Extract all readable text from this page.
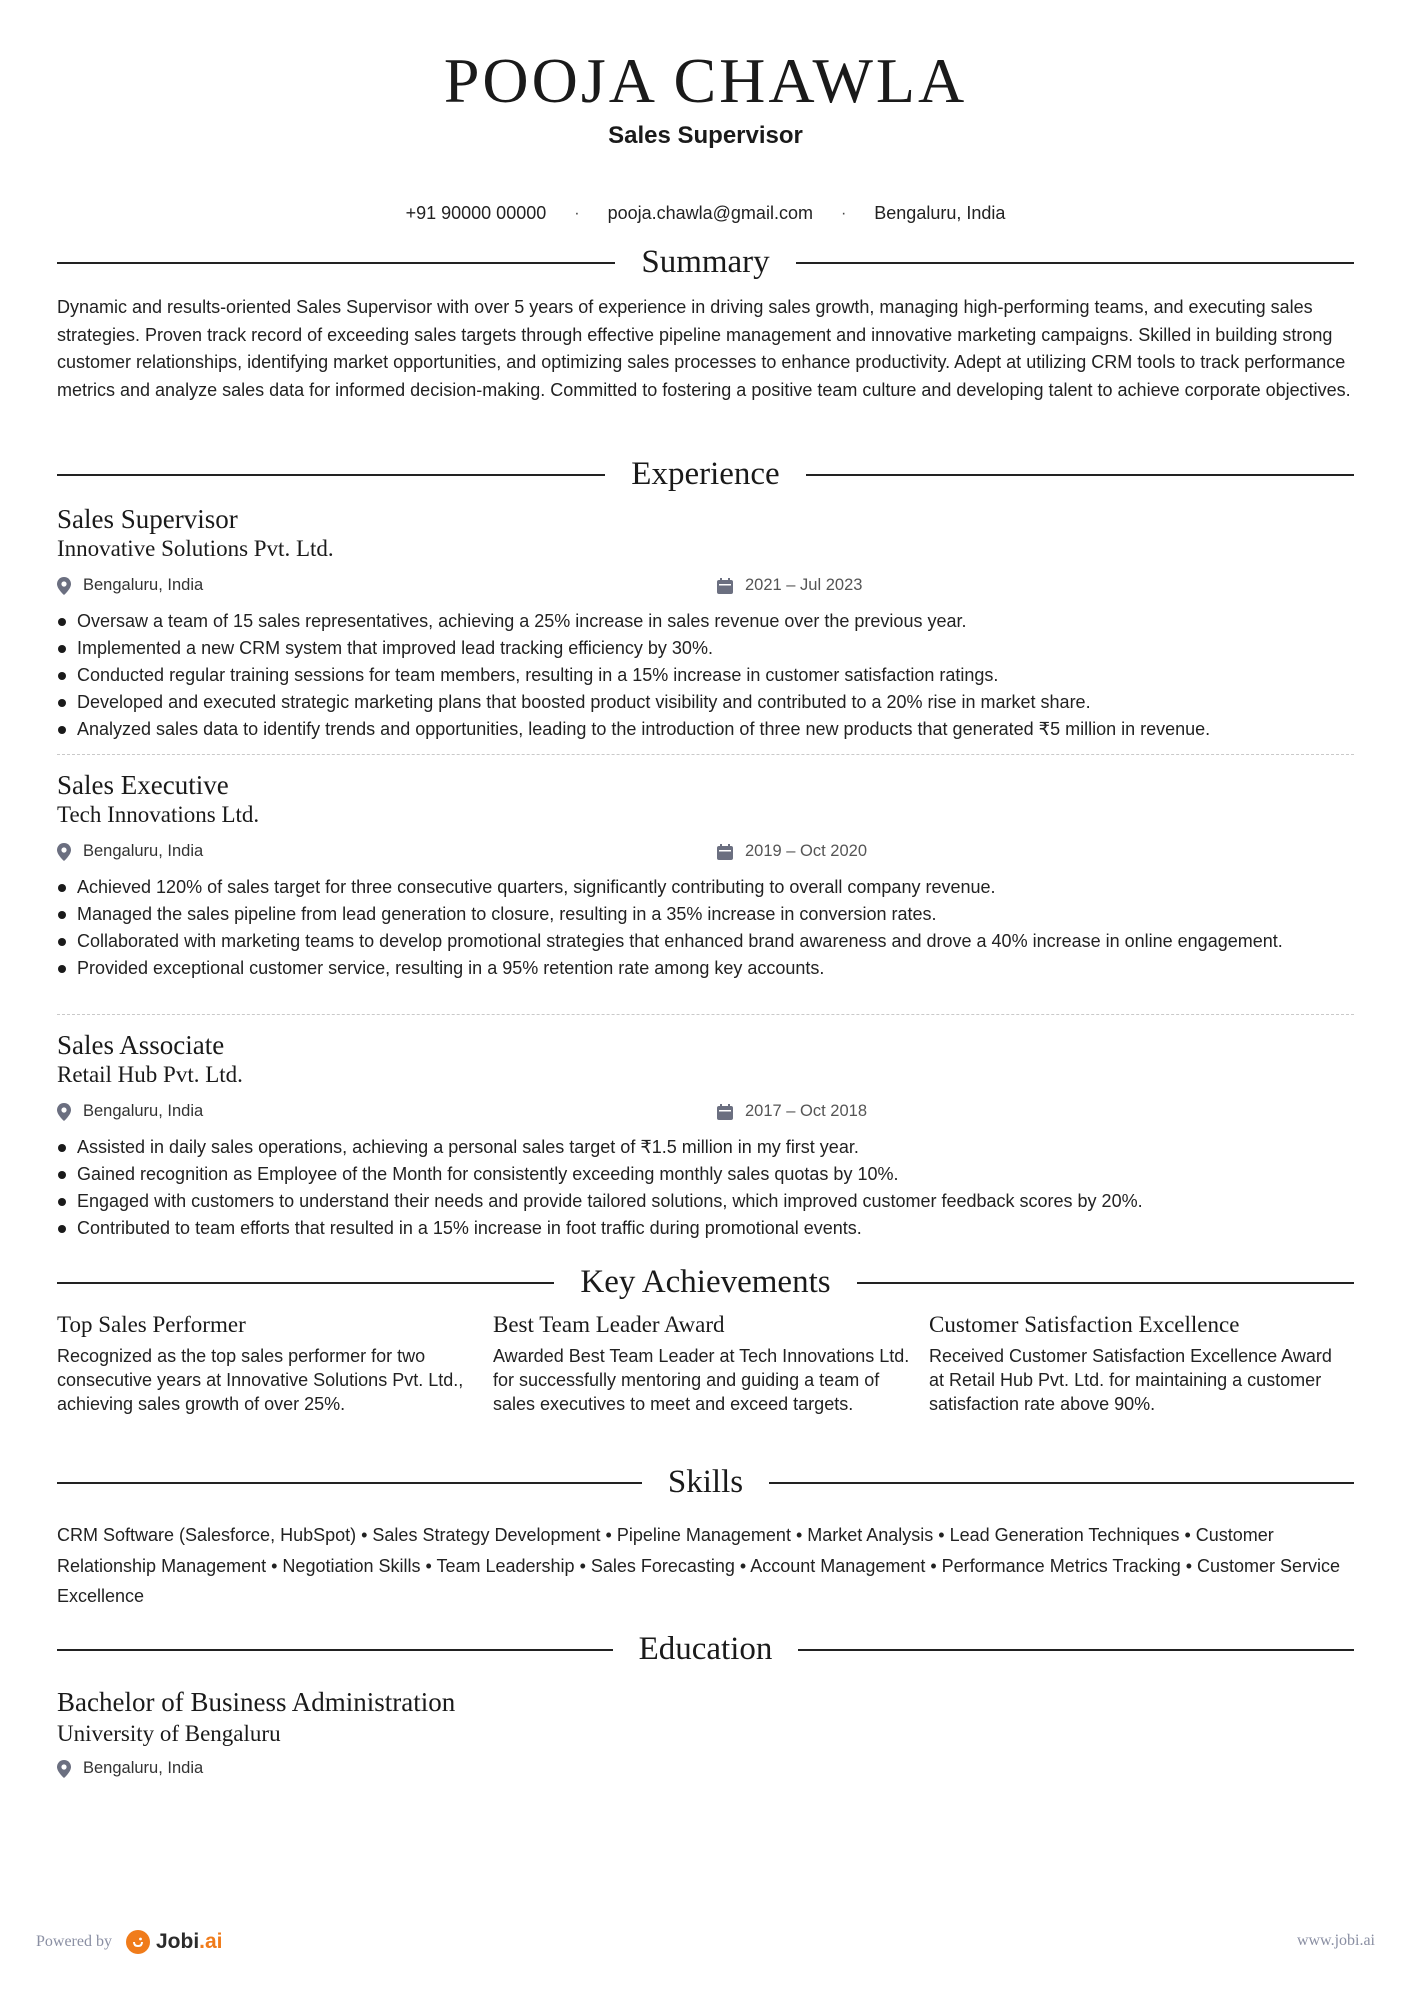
POOJA CHAWLA
Sales Supervisor
+91 90000 00000 · pooja.chawla@gmail.com · Bengaluru, India
Summary

Dynamic and results-oriented Sales Supervisor with over 5 years of experience in driving sales growth, managing high-performing teams, and executing sales strategies. Proven track record of exceeding sales targets through effective pipeline management and innovative marketing campaigns. Skilled in building strong customer relationships, identifying market opportunities, and optimizing sales processes to enhance productivity. Adept at utilizing CRM tools to track performance metrics and analyze sales data for informed decision-making. Committed to fostering a positive team culture and developing talent to achieve corporate objectives.

Experience
Sales Supervisor
Innovative Solutions Pvt. Ltd.
Bengaluru, India	2021 – Jul 2023
Oversaw a team of 15 sales representatives, achieving a 25% increase in sales revenue over the previous year.
Implemented a new CRM system that improved lead tracking efficiency by 30%.
Conducted regular training sessions for team members, resulting in a 15% increase in customer satisfaction ratings.
Developed and executed strategic marketing plans that boosted product visibility and contributed to a 20% rise in market share.
Analyzed sales data to identify trends and opportunities, leading to the introduction of three new products that generated ₹5 million in revenue.
Sales Executive
Tech Innovations Ltd.
Bengaluru, India	2019 – Oct 2020
Achieved 120% of sales target for three consecutive quarters, significantly contributing to overall company revenue.
Managed the sales pipeline from lead generation to closure, resulting in a 35% increase in conversion rates.
Collaborated with marketing teams to develop promotional strategies that enhanced brand awareness and drove a 40% increase in online engagement.
Provided exceptional customer service, resulting in a 95% retention rate among key accounts.
Sales Associate
Retail Hub Pvt. Ltd.
Bengaluru, India	2017 – Oct 2018
Assisted in daily sales operations, achieving a personal sales target of ₹1.5 million in my first year.
Gained recognition as Employee of the Month for consistently exceeding monthly sales quotas by 10%.
Engaged with customers to understand their needs and provide tailored solutions, which improved customer feedback scores by 20%.
Contributed to team efforts that resulted in a 15% increase in foot traffic during promotional events.
Key Achievements
Top Sales Performer
Recognized as the top sales performer for two consecutive years at Innovative Solutions Pvt. Ltd., achieving sales growth of over 25%.
Best Team Leader Award
Awarded Best Team Leader at Tech Innovations Ltd. for successfully mentoring and guiding a team of sales executives to meet and exceed targets.
Customer Satisfaction Excellence
Received Customer Satisfaction Excellence Award at Retail Hub Pvt. Ltd. for maintaining a customer satisfaction rate above 90%.
Skills

CRM Software (Salesforce, HubSpot) • Sales Strategy Development • Pipeline Management • Market Analysis • Lead Generation Techniques • Customer Relationship Management • Negotiation Skills • Team Leadership • Sales Forecasting • Account Management • Performance Metrics Tracking • Customer Service Excellence

Education
Bachelor of Business Administration
University of Bengaluru
Bengaluru, India
Powered by Jobi.ai	www.jobi.ai
